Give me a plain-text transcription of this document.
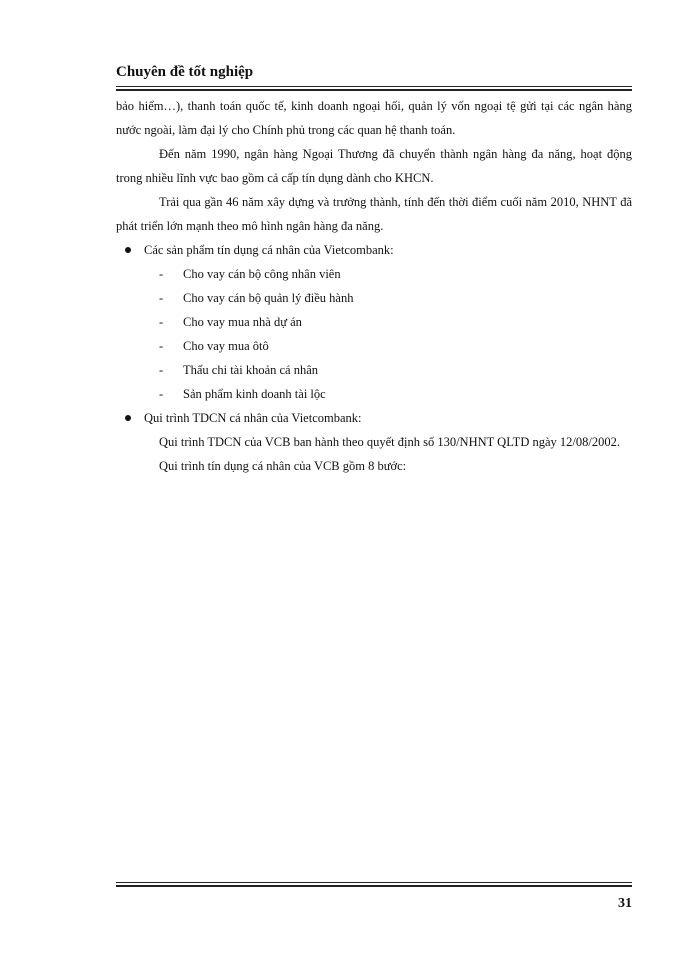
Chuyên đề tốt nghiệp

bảo hiểm…), thanh toán quốc tế, kinh doanh ngoại hối, quản lý vốn ngoại tệ gửi tại các ngân hàng nước ngoài, làm đại lý cho Chính phủ trong các quan hệ thanh toán.

Đến năm 1990, ngân hàng Ngoại Thương đã chuyển thành ngân hàng đa năng, hoạt động trong nhiều lĩnh vực bao gồm cả cấp tín dụng dành cho KHCN.

Trải qua gần 46 năm xây dựng và trưởng thành, tính đến thời điểm cuối năm 2010, NHNT đã phát triển lớn mạnh theo mô hình ngân hàng đa năng.

Các sản phẩm tín dụng cá nhân của Vietcombank:

- Cho vay cán bộ công nhân viên

- Cho vay cán bộ quản lý điều hành

- Cho vay mua nhà dự án

- Cho vay mua ôtô

- Thấu chi tài khoản cá nhân

- Sản phẩm kinh doanh tài lộc

Qui trình TDCN cá nhân của Vietcombank:

Qui trình TDCN của VCB ban hành theo quyết định số 130/NHNT QLTD ngày 12/08/2002.

Qui trình tín dụng cá nhân của VCB gồm 8 bước:

31
